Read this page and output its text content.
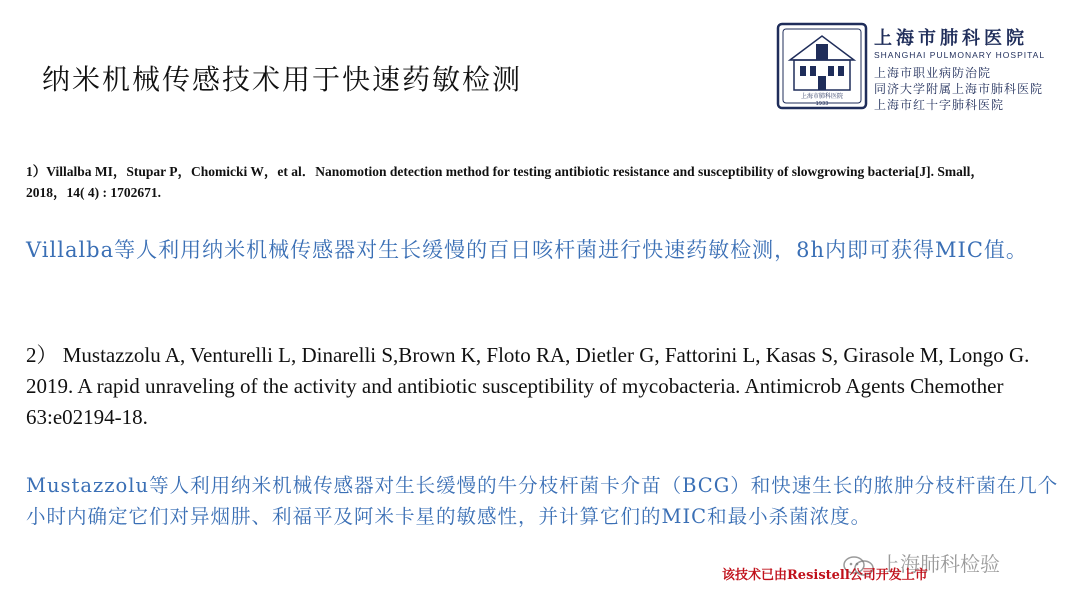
纳米机械传感技术用于快速药敏检测
上海市肺科医院
1933
上海市肺科医院
SHANGHAI PULMONARY HOSPITAL
上海市职业病防治院
同济大学附属上海市肺科医院
上海市红十字肺科医院
1）Villalba MI，Stupar P，Chomicki W，et al．Nanomotion detection method for testing antibiotic resistance and susceptibility of slowgrowing bacteria[J]. Small，2018，14( 4) : 1702671.
Villalba等人利用纳米机械传感器对生长缓慢的百日咳杆菌进行快速药敏检测，8h内即可获得MIC值。
2） Mustazzolu A, Venturelli L, Dinarelli S,Brown K, Floto RA, Dietler G, Fattorini L, Kasas S, Girasole M, Longo G. 2019. A rapid unraveling of the activity and antibiotic susceptibility of mycobacteria. Antimicrob Agents Chemother 63:e02194-18.
Mustazzolu等人利用纳米机械传感器对生长缓慢的牛分枝杆菌卡介苗（BCG）和快速生长的脓肿分枝杆菌在几个小时内确定它们对异烟肼、利福平及阿米卡星的敏感性，并计算它们的MIC和最小杀菌浓度。
上海肺科检验
该技术已由Resistell公司开发上市
